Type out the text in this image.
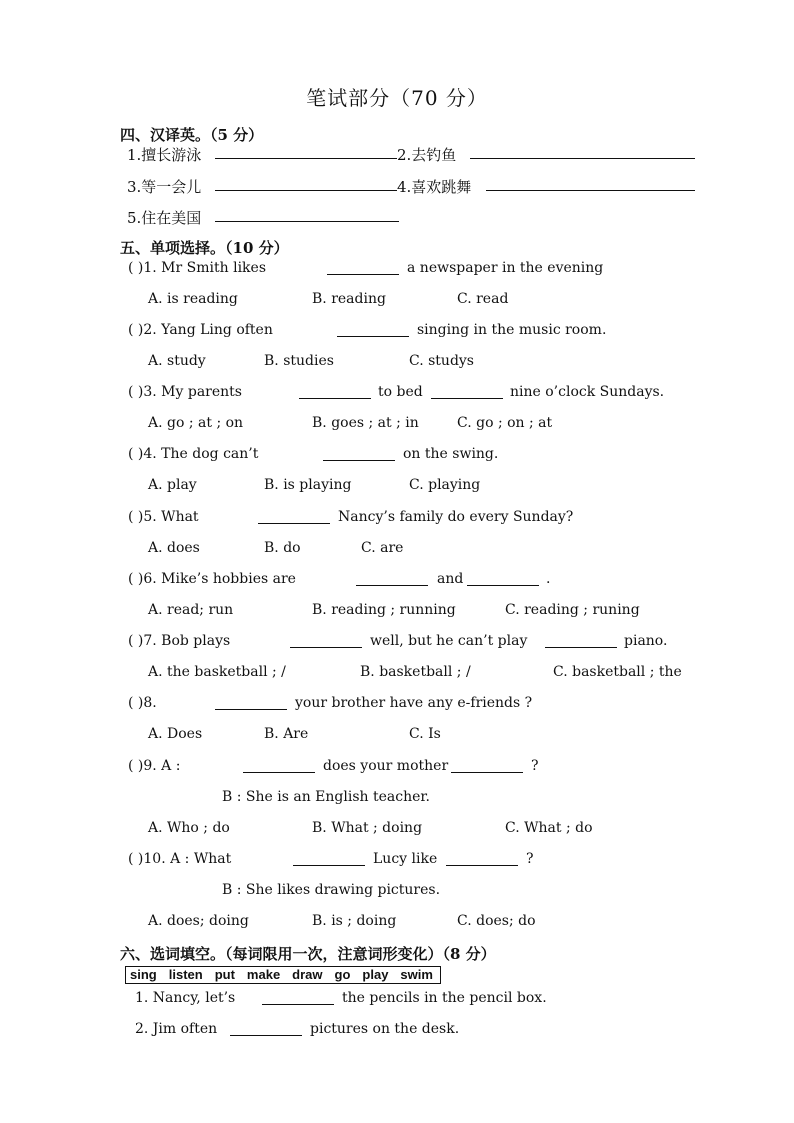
笔试部分（70 分）
四、汉译英。（5 分）
1.擅长游泳	2.去钓鱼
3.等一会儿	4.喜欢跳舞
5.住在美国
五、单项选择。（10 分）
( )1. Mr Smith likes	a newspaper in the evening
A. is reading	B. reading	C. read
( )2. Yang Ling often	singing in the music room.
A. study	B. studies	C. studys
( )3. My parents	to bed	nine o’clock Sundays.
A. go ; at ; on	B. goes ; at ; in	C. go ; on ; at
( )4. The dog can’t	on the swing.
A. play	B. is playing	C. playing
( )5. What	Nancy’s family do every Sunday?
A. does	B. do	C. are
( )6. Mike’s hobbies are	and	.
A. read; run	B. reading ; running	C. reading ; runing
( )7. Bob plays	well, but he can’t play	piano.
A. the basketball ; /	B. basketball ; /	C. basketball ; the
( )8.	your brother have any e-friends ?
A. Does	B. Are	C. Is
( )9. A :	does your mother	?
B : She is an English teacher.
A. Who ; do	B. What ; doing	C. What ; do
( )10. A : What	Lucy like	?
B : She likes drawing pictures.
A. does; doing	B. is ; doing	C. does; do
六、选词填空。（每词限用一次，注意词形变化）（8 分）
sing listen put make draw go play swim
1. Nancy, let’s	the pencils in the pencil box.
2. Jim often	pictures on the desk.
